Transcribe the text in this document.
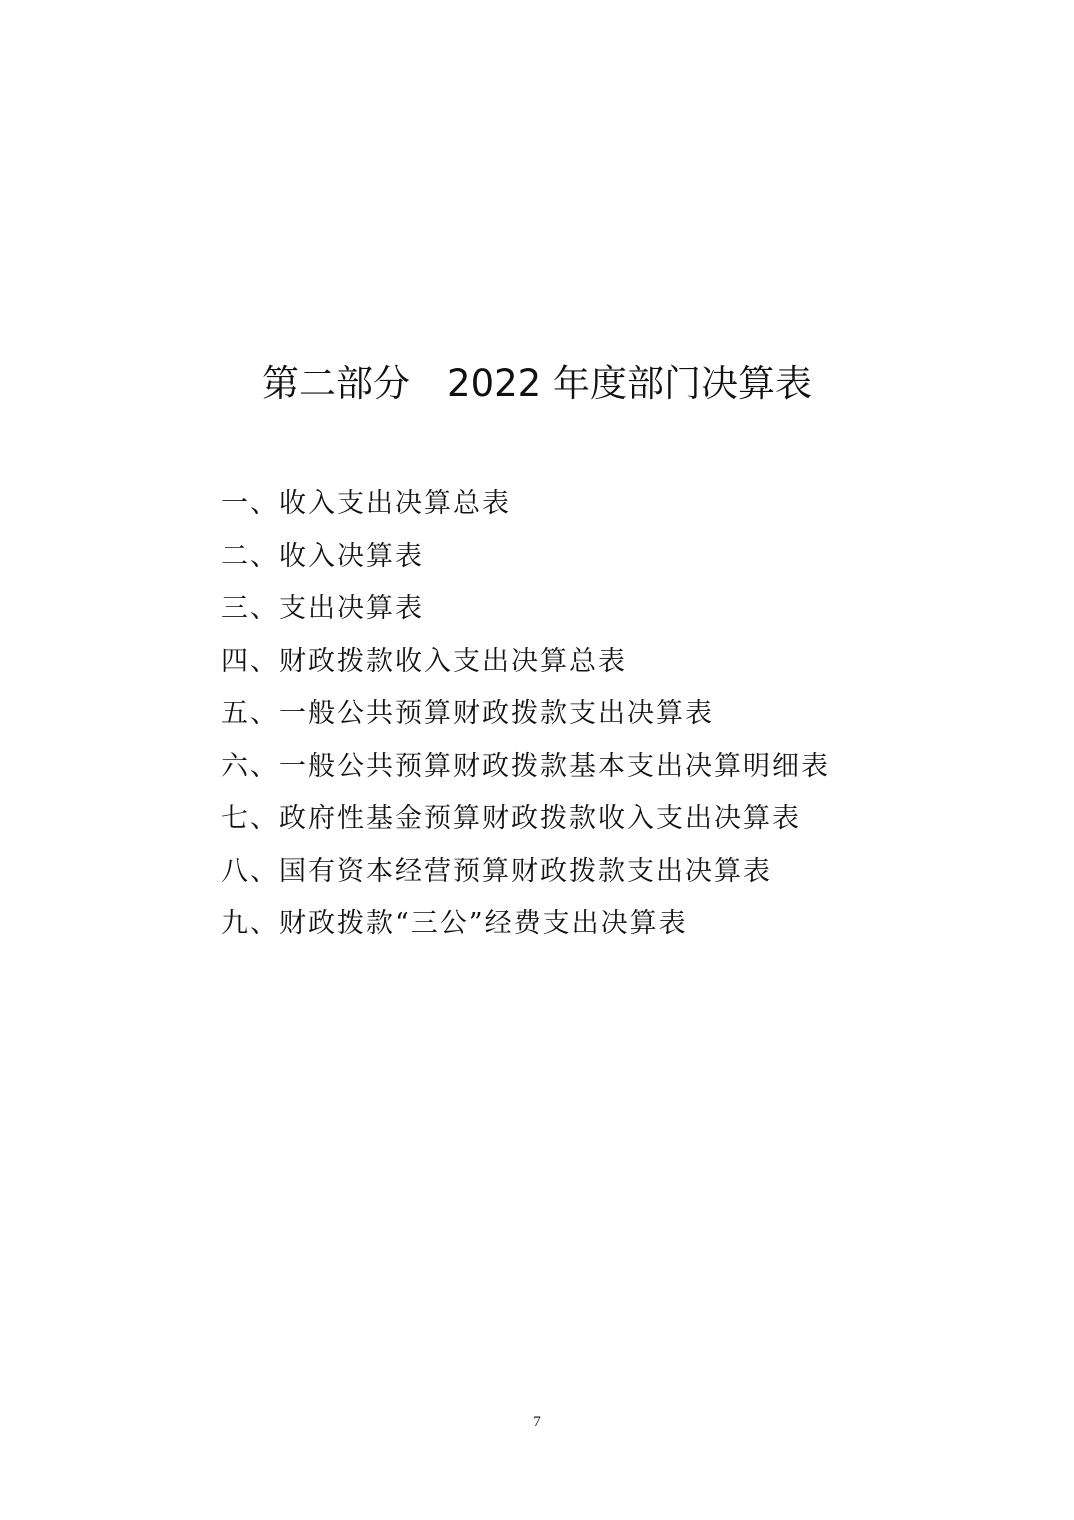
第二部分　2022 年度部门决算表
一、收入支出决算总表
二、收入决算表
三、支出决算表
四、财政拨款收入支出决算总表
五、一般公共预算财政拨款支出决算表
六、一般公共预算财政拨款基本支出决算明细表
七、政府性基金预算财政拨款收入支出决算表
八、国有资本经营预算财政拨款支出决算表
九、财政拨款“三公”经费支出决算表
7
